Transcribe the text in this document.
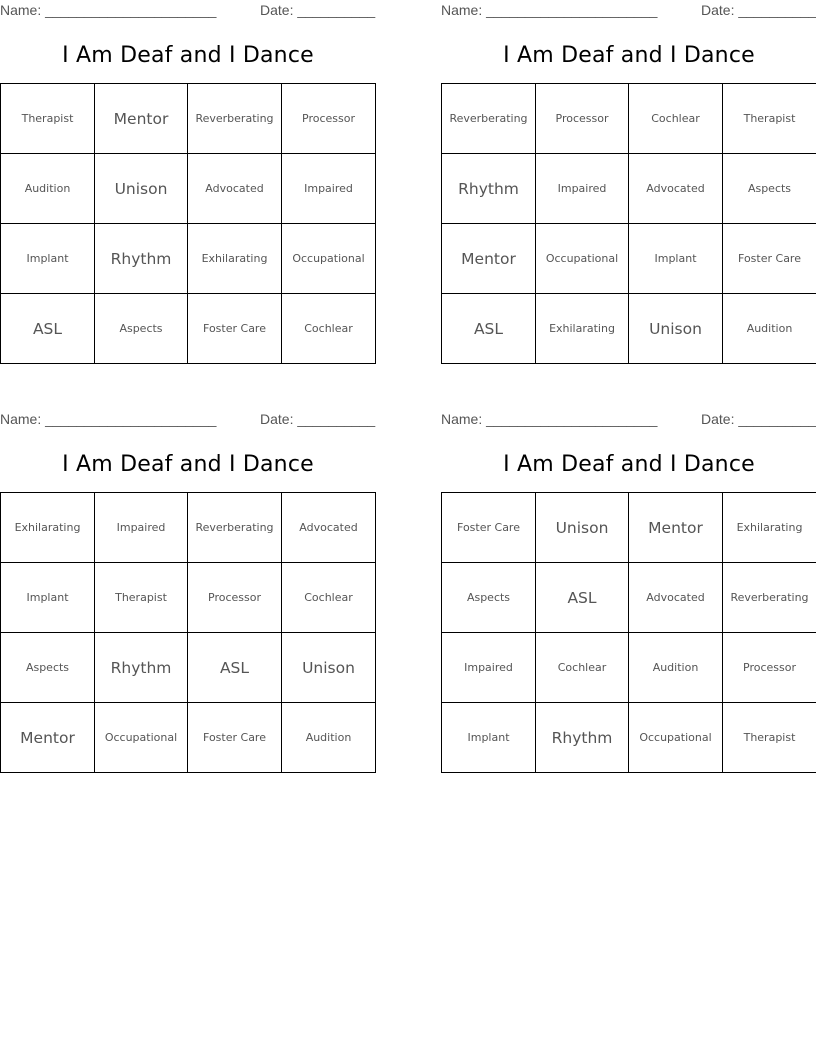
Name: ______________________	Date: __________
I Am Deaf and I Dance
Therapist	Mentor	Reverberating	Processor
Audition	Unison	Advocated	Impaired
Implant	Rhythm	Exhilarating	Occupational
ASL	Aspects	Foster Care	Cochlear
Name: ______________________	Date: __________
I Am Deaf and I Dance
Reverberating	Processor	Cochlear	Therapist
Rhythm	Impaired	Advocated	Aspects
Mentor	Occupational	Implant	Foster Care
ASL	Exhilarating	Unison	Audition
Name: ______________________	Date: __________
I Am Deaf and I Dance
Exhilarating	Impaired	Reverberating	Advocated
Implant	Therapist	Processor	Cochlear
Aspects	Rhythm	ASL	Unison
Mentor	Occupational	Foster Care	Audition
Name: ______________________	Date: __________
I Am Deaf and I Dance
Foster Care	Unison	Mentor	Exhilarating
Aspects	ASL	Advocated	Reverberating
Impaired	Cochlear	Audition	Processor
Implant	Rhythm	Occupational	Therapist
